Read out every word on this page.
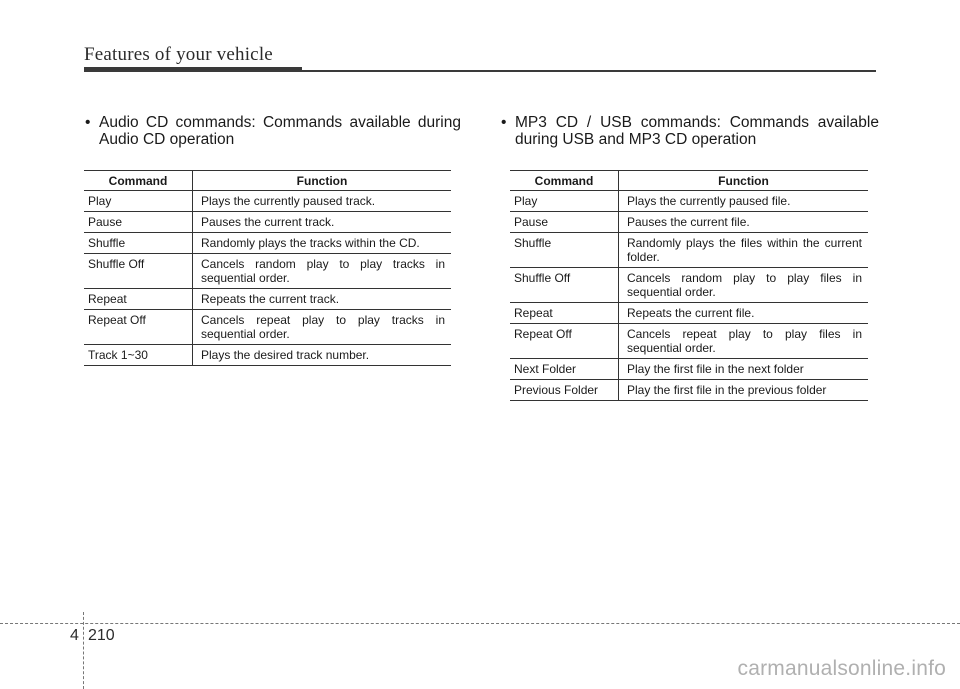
Features of your vehicle
• Audio CD commands: Commands available during Audio CD operation
Command	Function
Play	Plays the currently paused track.

Pause	Pauses the current track.

Shuffle	Randomly plays the tracks within the CD.

Shuffle Off	Cancels random play to play tracks in sequential order.

Repeat	Repeats the current track.

Repeat Off	Cancels repeat play to play tracks in sequential order.

Track 1~30	Plays the desired track number.
• MP3 CD / USB commands: Commands available during USB and MP3 CD operation
Command	Function
Play	Plays the currently paused file.

Pause	Pauses the current file.

Shuffle	Randomly plays the files within the current folder.

Shuffle Off	Cancels random play to play files in sequential order.

Repeat	Repeats the current file.

Repeat Off	Cancels repeat play to play files in sequential order.

Next Folder	Play the first file in the next folder

Previous Folder	Play the first file in the previous folder
4 210
carmanualsonline.info
